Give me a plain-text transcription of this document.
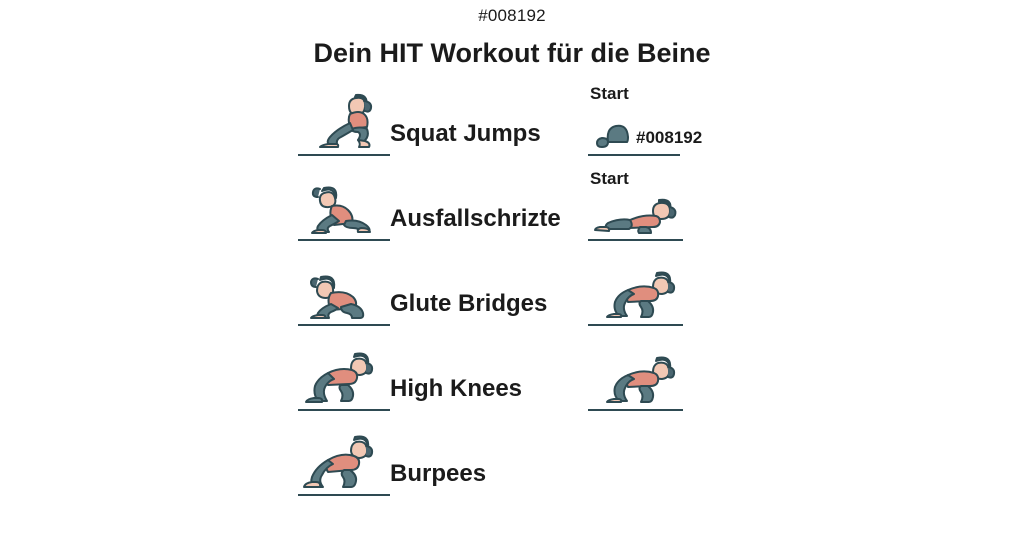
#008192
Dein HIT Workout für die Beine
Squat Jumps
Start
#008192
Ausfallschrizte
Start
Glute Bridges
High Knees
Burpees
